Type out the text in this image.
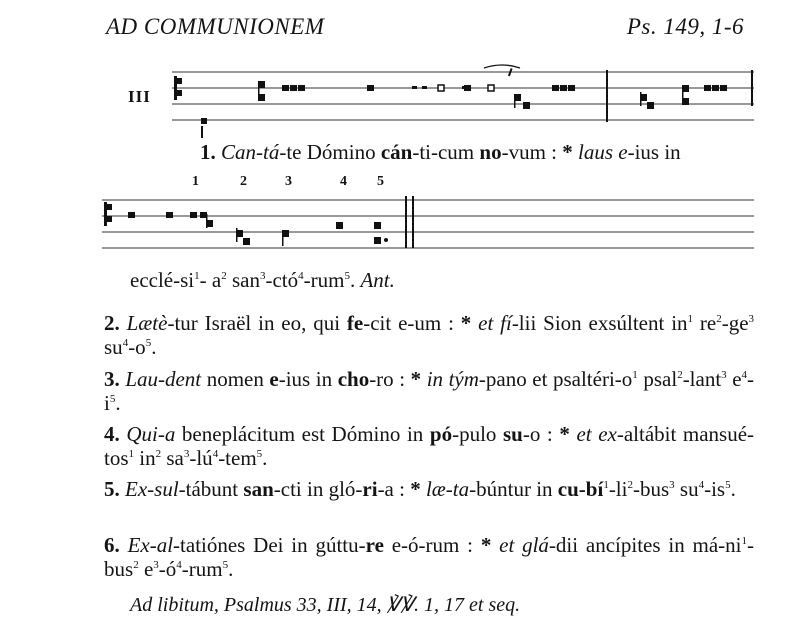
AD COMMUNIONEM	Ps. 149, 1-6
III
1. Can-tá-te Dómino cán-ti-cum no-vum : * laus e-ius in
1	2	3	4 5
ecclé-$si^1-$ $a^2$ san$^3$-ctó$^4$-rum$^5$. Ant.
2. Lætè-tur Israël in eo, qui fe-cit e-um : * et fí-lii Sion exsúltent $in^1$ $re^2-ge^3$ $su^4-o^5$.
3. Lau-dent nomen e-ius in cho-ro : * in tým-pano et psaltéri-$o^1$ psal$^2$-lant$^3$ $e^4-i^5$.
4. Qui-a beneplácitum est Dómino in pó-pulo su-o : * et ex-altábit mansué-tos$^1$ $in^2$ $sa^3-lú^4-tem^5$.
5. Ex-sul-tábunt san-cti in gló-ri-a : * læ-ta-búntur in $cu-bí^1-li^2-bus^3$ $su^4-is^5$.
6. Ex-al-tatiónes Dei in gúttu-re e-ó-rum : * et glá-dii ancípites in $má-ni^1-bus^2$ $e^3-ó^4-rum^5$.
Ad libitum, Psalmus 33, III, 14, ℣℣. 1, 17 et seq.
